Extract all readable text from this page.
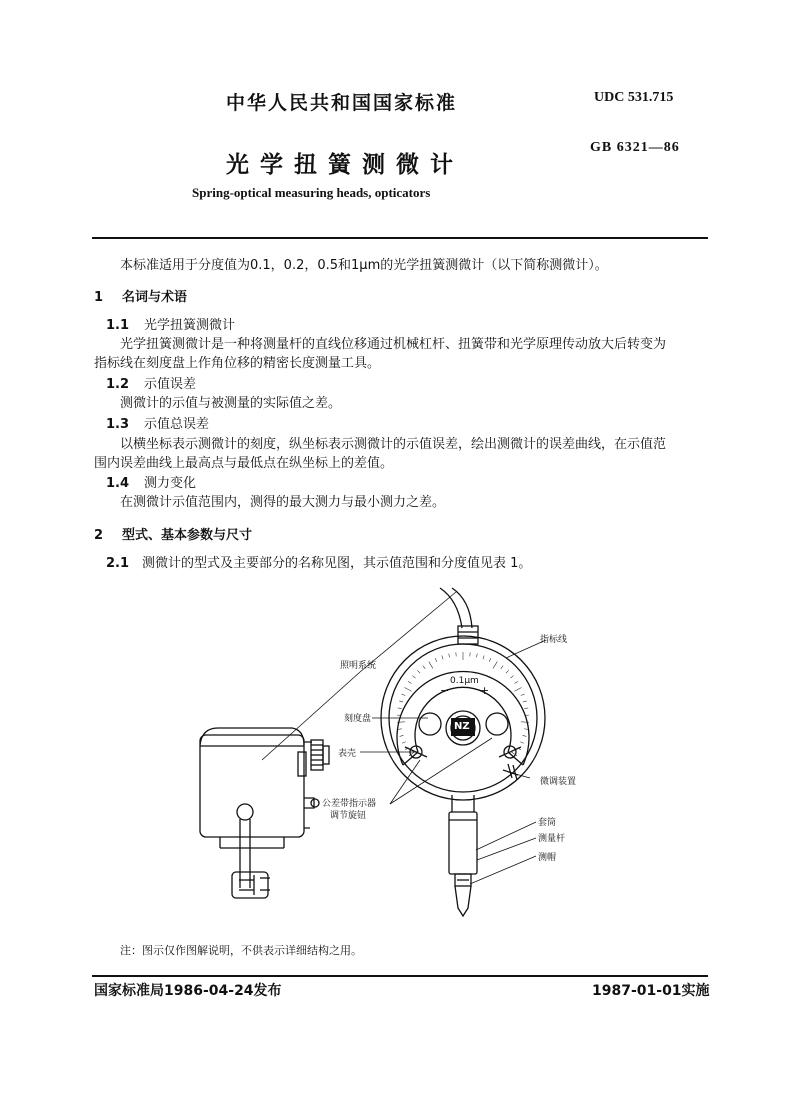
中华人民共和国国家标准	UDC 531.715
GB 6321—86
光学扭簧测微计
Spring-optical measuring heads, opticators
本标准适用于分度值为0.1，0.2，0.5和1μm的光学扭簧测微计（以下简称测微计）。
1 名词与术语
1.1 光学扭簧测微计
光学扭簧测微计是一种将测量杆的直线位移通过机械杠杆、扭簧带和光学原理传动放大后转变为
指标线在刻度盘上作角位移的精密长度测量工具。
1.2 示值误差
测微计的示值与被测量的实际值之差。
1.3 示值总误差
以横坐标表示测微计的刻度，纵坐标表示测微计的示值误差，绘出测微计的误差曲线，在示值范
围内误差曲线上最高点与最低点在纵坐标上的差值。
1.4 测力变化
在测微计示值范围内，测得的最大测力与最小测力之差。
2 型式、基本参数与尺寸
2.1 测微计的型式及主要部分的名称见图，其示值范围和分度值见表 1。
照明系统
指标线
刻度盘
表壳
微调装置
公差带指示器
调节旋钮
套筒
测量杆
测帽
0.1μm
−	+
NZ
注：图示仅作图解说明，不供表示详细结构之用。
国家标准局1986-04-24发布	1987-01-01实施
